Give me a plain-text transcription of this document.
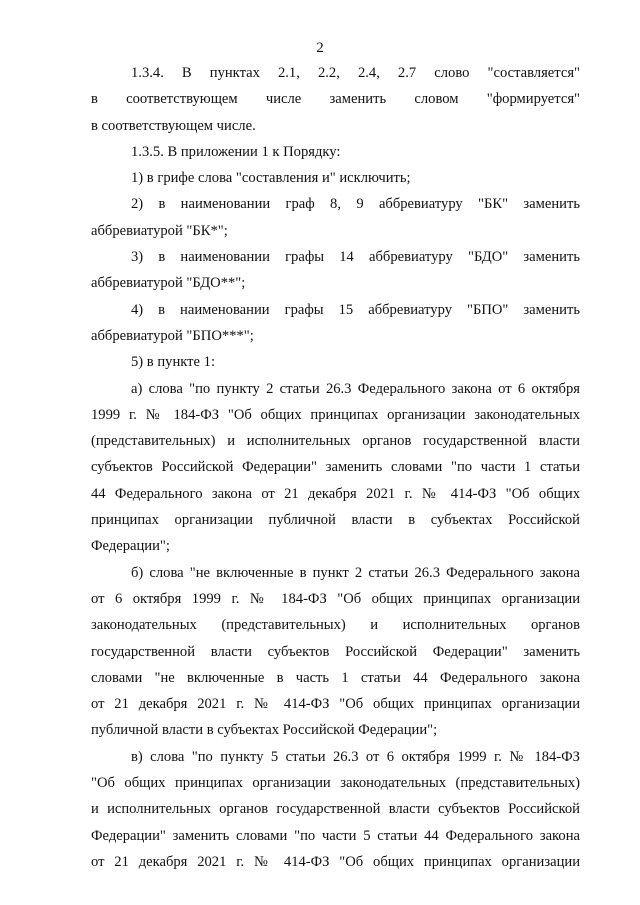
2
1.3.4. В пунктах 2.1, 2.2, 2.4, 2.7 слово "составляется"
в соответствующем числе заменить словом "формируется"
в соответствующем числе.
1.3.5. В приложении 1 к Порядку:
1) в грифе слова "составления и" исключить;
2) в наименовании граф 8, 9 аббревиатуру "БК" заменить
аббревиатурой "БК*";
3) в наименовании графы 14 аббревиатуру "БДО" заменить
аббревиатурой "БДО**";
4) в наименовании графы 15 аббревиатуру "БПО" заменить
аббревиатурой "БПО***";
5) в пункте 1:
а) слова "по пункту 2 статьи 26.3 Федерального закона от 6 октября
1999 г. № 184-ФЗ "Об общих принципах организации законодательных
(представительных) и исполнительных органов государственной власти
субъектов Российской Федерации" заменить словами "по части 1 статьи
44 Федерального закона от 21 декабря 2021 г. № 414-ФЗ "Об общих
принципах организации публичной власти в субъектах Российской
Федерации";
б) слова "не включенные в пункт 2 статьи 26.3 Федерального закона
от 6 октября 1999 г. № 184-ФЗ "Об общих принципах организации
законодательных (представительных) и исполнительных органов
государственной власти субъектов Российской Федерации" заменить
словами "не включенные в часть 1 статьи 44 Федерального закона
от 21 декабря 2021 г. № 414-ФЗ "Об общих принципах организации
публичной власти в субъектах Российской Федерации";
в) слова "по пункту 5 статьи 26.3 от 6 октября 1999 г. № 184-ФЗ
"Об общих принципах организации законодательных (представительных)
и исполнительных органов государственной власти субъектов Российской
Федерации" заменить словами "по части 5 статьи 44 Федерального закона
от 21 декабря 2021 г. № 414-ФЗ "Об общих принципах организации
